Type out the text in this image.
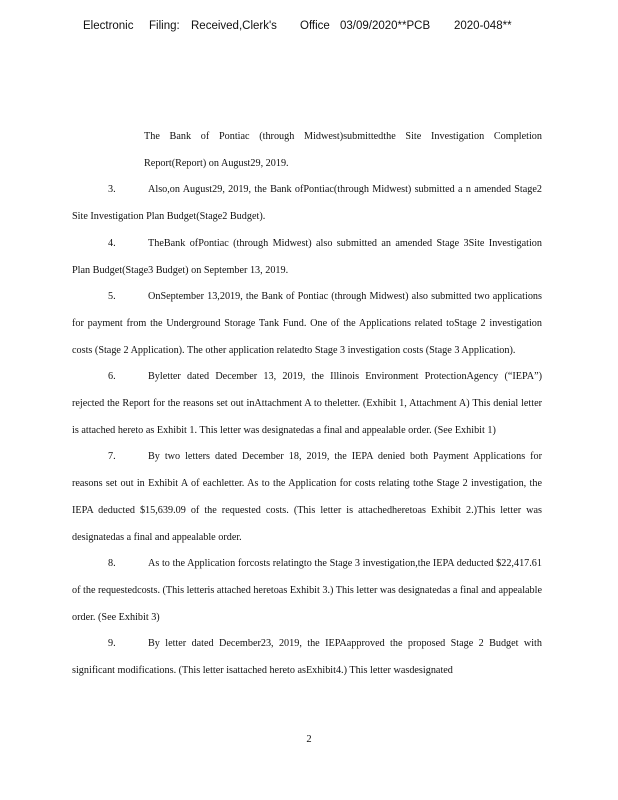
Electronic Filing: Received,Clerk's Office 03/09/2020**PCB 2020-048**

The Bank of Pontiac (through Midwest)submittedthe Site Investigation Completion Report(Report) on August29, 2019.

3.	Also,on August29, 2019, the Bank ofPontiac(through Midwest) submitted a n amended Stage2 Site Investigation Plan Budget(Stage2 Budget).

4.	TheBank ofPontiac (through Midwest) also submitted an amended Stage 3Site Investigation Plan Budget(Stage3 Budget) on September 13, 2019.

5.	OnSeptember 13,2019, the Bank of Pontiac (through Midwest) also submitted two applications for payment from the Underground Storage Tank Fund. One of the Applications related toStage 2 investigation costs (Stage 2 Application). The other application relatedto Stage 3 investigation costs (Stage 3 Application).

6.	Byletter dated December 13, 2019, the Illinois Environment ProtectionAgency (“IEPA”) rejected the Report for the reasons set out inAttachment A to theletter. (Exhibit 1, Attachment A) This denial letter is attached hereto as Exhibit 1. This letter was designatedas a final and appealable order. (See Exhibit 1)

7.	By two letters dated December 18, 2019, the IEPA denied both Payment Applications for reasons set out in Exhibit A of eachletter. As to the Application for costs relating tothe Stage 2 investigation, the IEPA deducted $15,639.09 of the requested costs. (This letter is attachedheretoas Exhibit 2.)This letter was designatedas a final and appealable order.

8.	As to the Application forcosts relatingto the Stage 3 investigation,the IEPA deducted $22,417.61 of the requestedcosts. (This letteris attached heretoas Exhibit 3.) This letter was designatedas a final and appealable order. (See Exhibit 3)

9.	By letter dated December23, 2019, the IEPAapproved the proposed Stage 2 Budget with significant modifications. (This letter isattached hereto asExhibit4.) This letter wasdesignated

2
